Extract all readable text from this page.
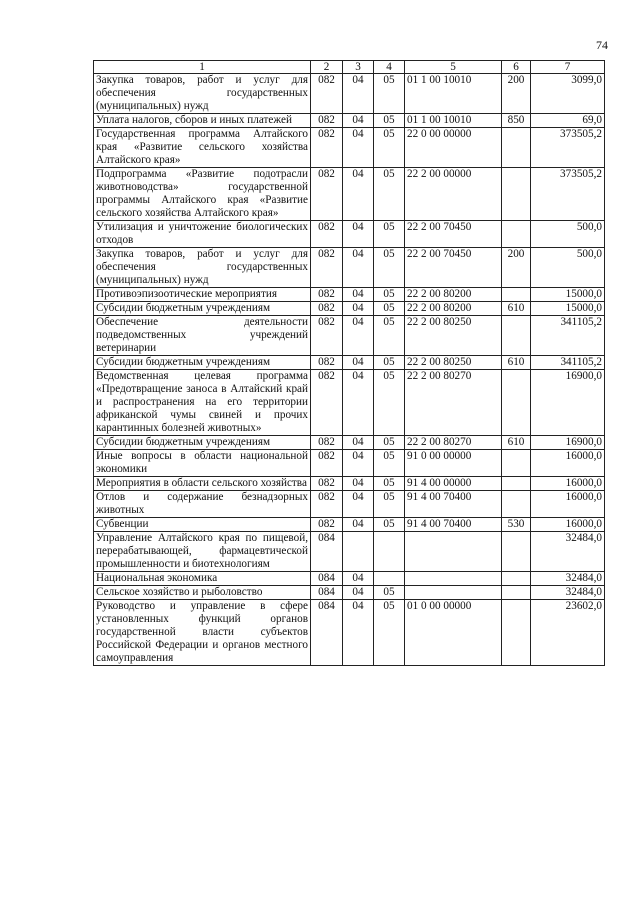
74
1	2	3	4	5	6	7
Закупка товаров, работ и услуг для обеспечения государственных (муниципальных) нужд	082	04	05	01 1 00 10010	200	3099,0
Уплата налогов, сборов и иных платежей	082	04	05	01 1 00 10010	850	69,0
Государственная программа Алтайского края «Развитие сельского хозяйства Алтайского края»	082	04	05	22 0 00 00000		373505,2
Подпрограмма «Развитие подотрасли животноводства» государственной программы Алтайского края «Развитие сельского хозяйства Алтайского края»	082	04	05	22 2 00 00000		373505,2
Утилизация и уничтожение биологических отходов	082	04	05	22 2 00 70450		500,0
Закупка товаров, работ и услуг для обеспечения государственных (муниципальных) нужд	082	04	05	22 2 00 70450	200	500,0
Противоэпизоотические мероприятия	082	04	05	22 2 00 80200		15000,0
Субсидии бюджетным учреждениям	082	04	05	22 2 00 80200	610	15000,0
Обеспечение деятельности подведомственных учреждений ветеринарии	082	04	05	22 2 00 80250		341105,2
Субсидии бюджетным учреждениям	082	04	05	22 2 00 80250	610	341105,2
Ведомственная целевая программа «Предотвращение заноса в Алтайский край и распространения на его территории африканской чумы свиней и прочих карантинных болезней животных»	082	04	05	22 2 00 80270		16900,0
Субсидии бюджетным учреждениям	082	04	05	22 2 00 80270	610	16900,0
Иные вопросы в области национальной экономики	082	04	05	91 0 00 00000		16000,0
Мероприятия в области сельского хозяйства	082	04	05	91 4 00 00000		16000,0
Отлов и содержание безнадзорных животных	082	04	05	91 4 00 70400		16000,0
Субвенции	082	04	05	91 4 00 70400	530	16000,0
Управление Алтайского края по пищевой, перерабатывающей, фармацевтической промышленности и биотехнологиям	084					32484,0
Национальная экономика	084	04				32484,0
Сельское хозяйство и рыболовство	084	04	05			32484,0
Руководство и управление в сфере установленных функций органов государственной власти субъектов Российской Федерации и органов местного самоуправления	084	04	05	01 0 00 00000		23602,0
